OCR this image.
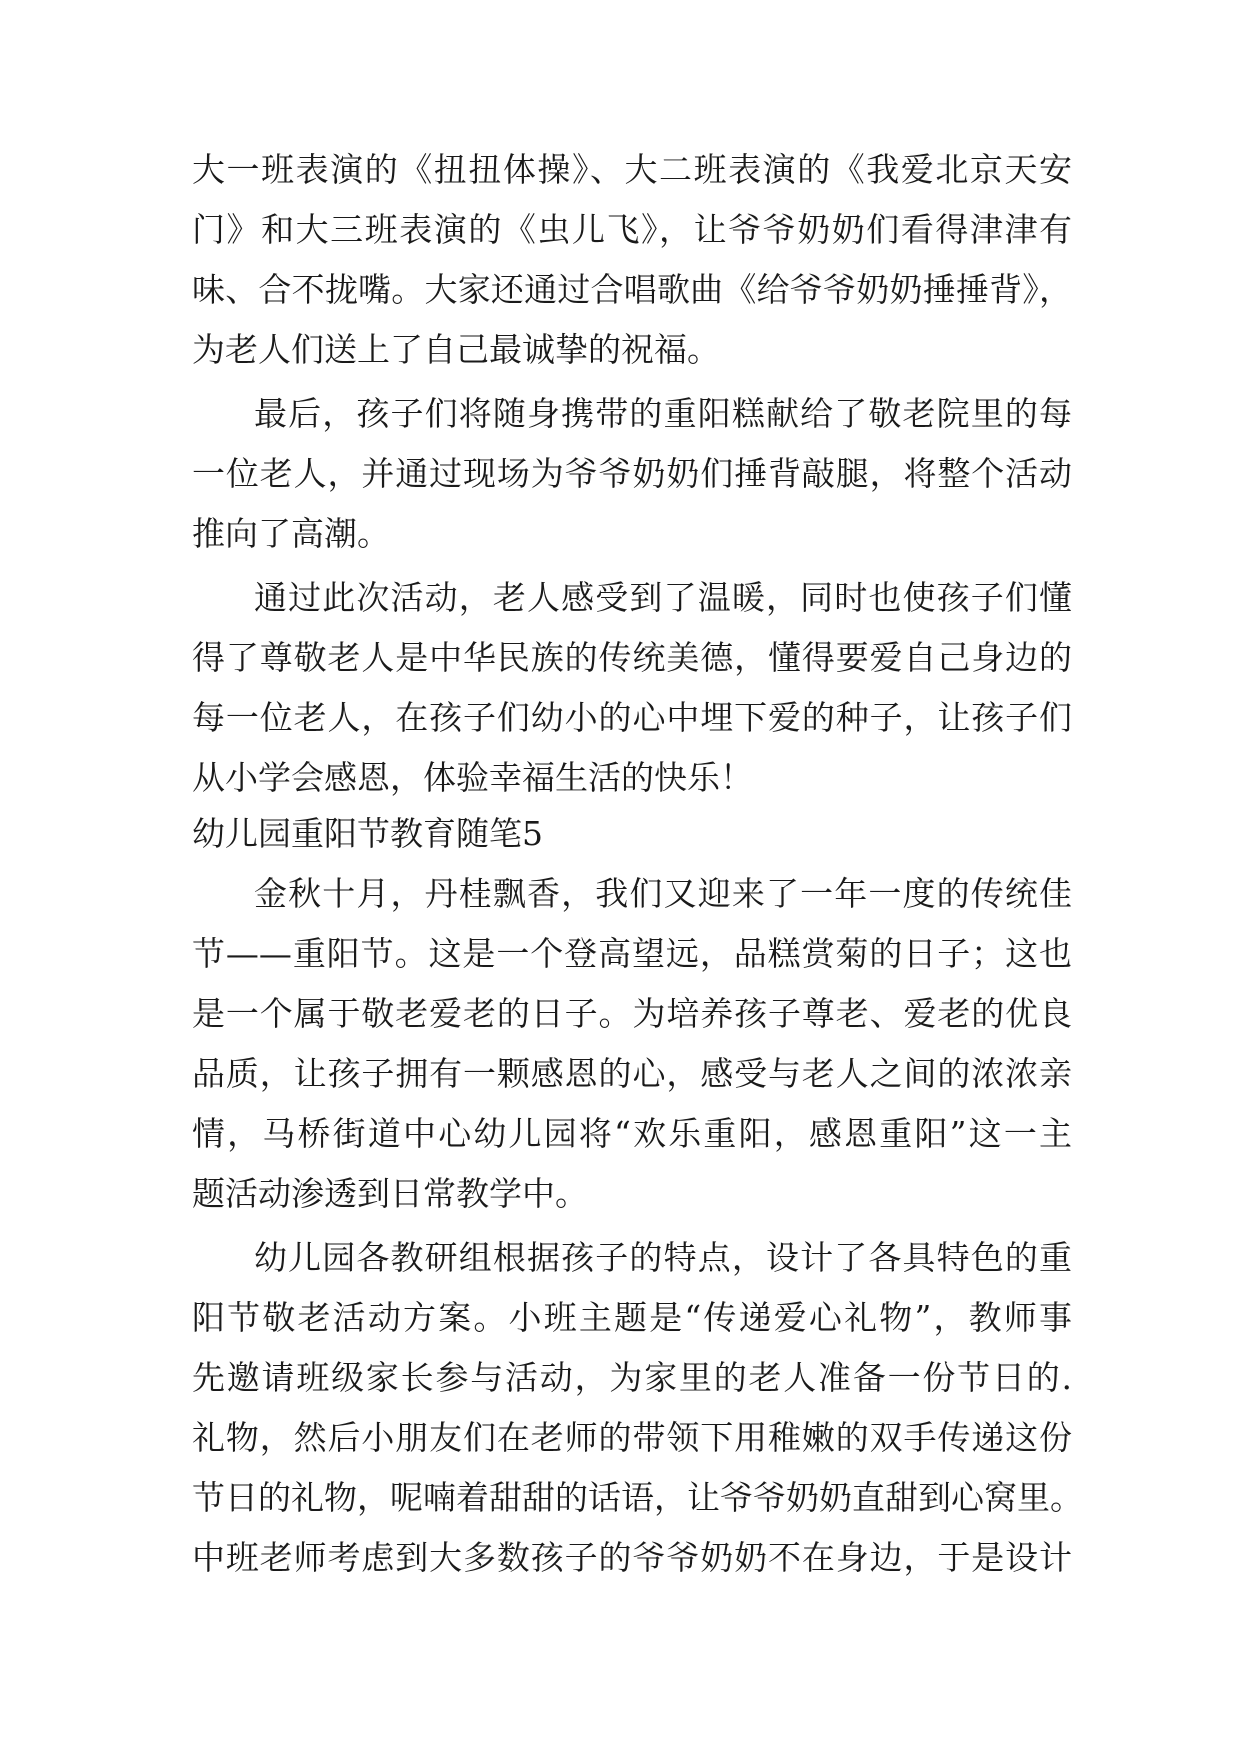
大一班表演的《扭扭体操》、大二班表演的《我爱北京天安
门》和大三班表演的《虫儿飞》，让爷爷奶奶们看得津津有
味、合不拢嘴。大家还通过合唱歌曲《给爷爷奶奶捶捶背》，
为老人们送上了自己最诚挚的祝福。
最后，孩子们将随身携带的重阳糕献给了敬老院里的每
一位老人，并通过现场为爷爷奶奶们捶背敲腿，将整个活动
推向了高潮。
通过此次活动，老人感受到了温暖，同时也使孩子们懂
得了尊敬老人是中华民族的传统美德，懂得要爱自己身边的
每一位老人，在孩子们幼小的心中埋下爱的种子，让孩子们
从小学会感恩，体验幸福生活的快乐！
幼儿园重阳节教育随笔5
金秋十月，丹桂飘香，我们又迎来了一年一度的传统佳
节——重阳节。这是一个登高望远，品糕赏菊的日子；这也
是一个属于敬老爱老的日子。为培养孩子尊老、爱老的优良
品质，让孩子拥有一颗感恩的心，感受与老人之间的浓浓亲
情，马桥街道中心幼儿园将“欢乐重阳，感恩重阳”这一主
题活动渗透到日常教学中。
幼儿园各教研组根据孩子的特点，设计了各具特色的重
阳节敬老活动方案。小班主题是“传递爱心礼物”，教师事
先邀请班级家长参与活动，为家里的老人准备一份节日的.
礼物，然后小朋友们在老师的带领下用稚嫩的双手传递这份
节日的礼物，呢喃着甜甜的话语，让爷爷奶奶直甜到心窝里。
中班老师考虑到大多数孩子的爷爷奶奶不在身边，于是设计
